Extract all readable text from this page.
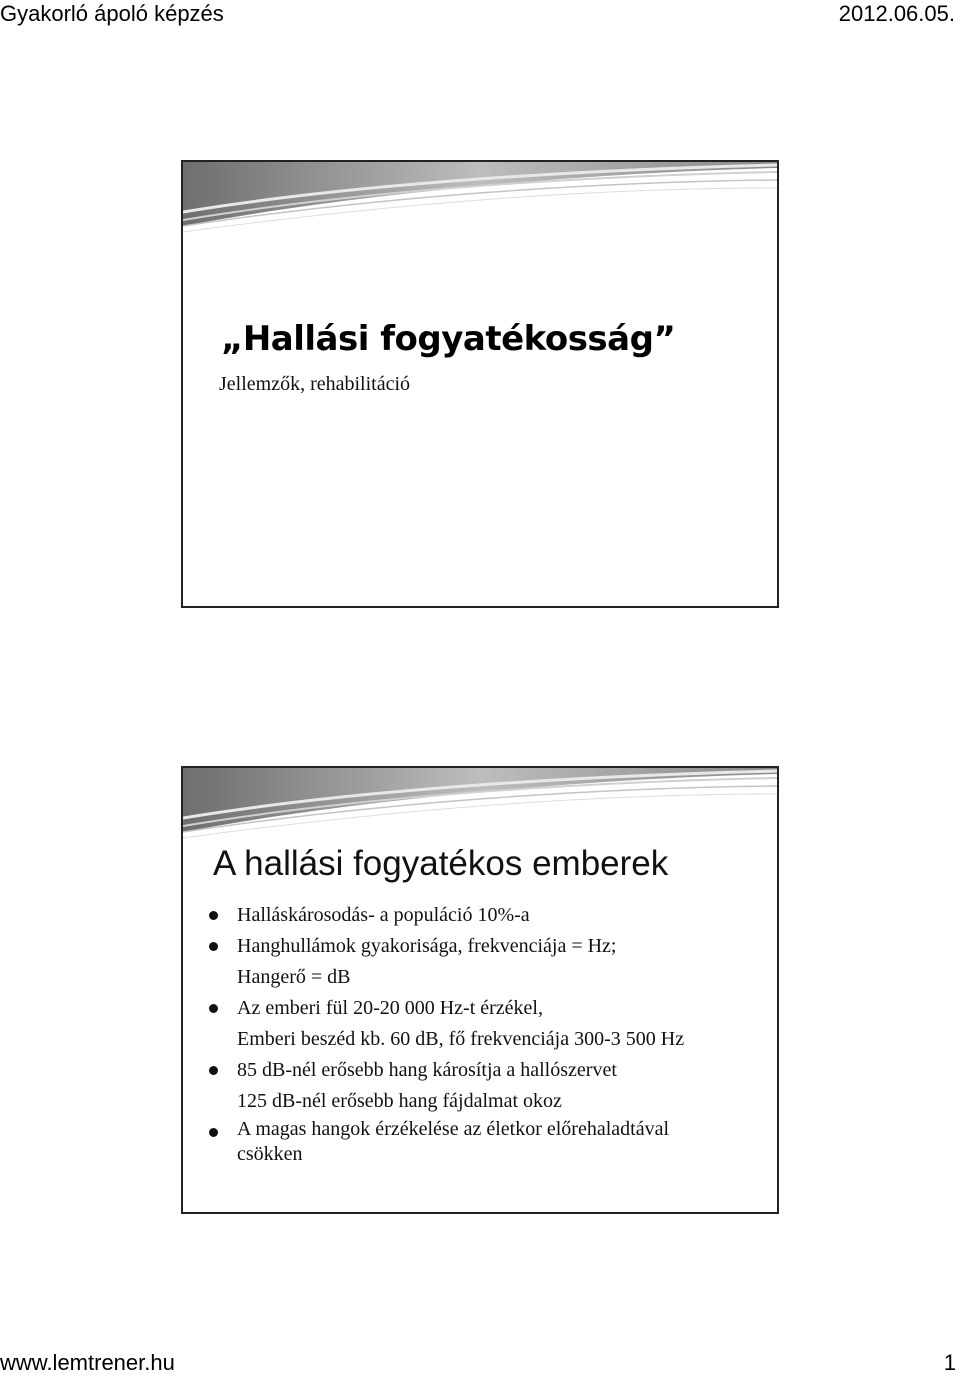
Gyakorló ápoló képzés	2012.06.05.
„Hallási fogyatékosság”
Jellemzők, rehabilitáció
A hallási fogyatékos emberek
Halláskárosodás- a populáció 10%-a
Hanghullámok gyakorisága, frekvenciája = Hz;
Hangerő = dB
Az emberi fül 20-20 000 Hz-t érzékel,
Emberi beszéd kb. 60 dB, fő frekvenciája 300-3 500 Hz
85 dB-nél erősebb hang károsítja a hallószervet
125 dB-nél erősebb hang fájdalmat okoz
A magas hangok érzékelése az életkor előrehaladtával
csökken
www.lemtrener.hu	1
